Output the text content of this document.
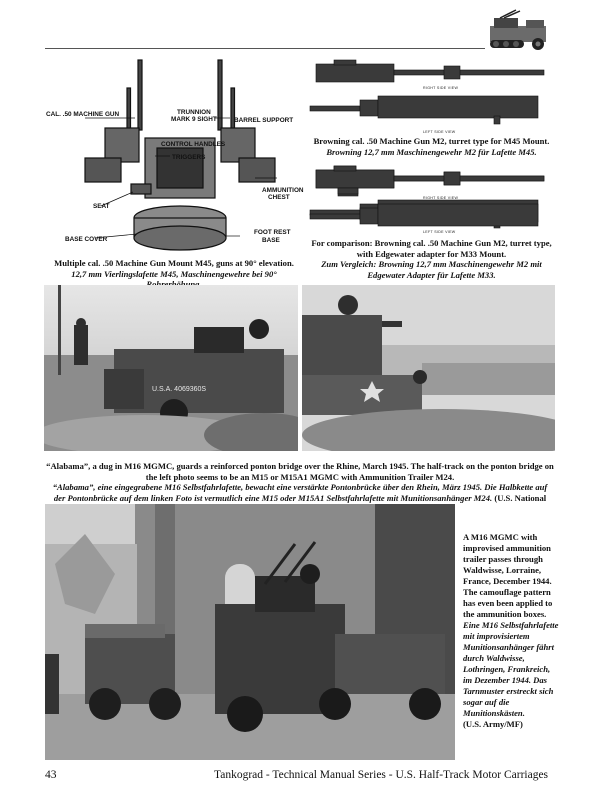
CAL. .50 MACHINE GUN	TRUNNION
MARK 9 SIGHT	BARREL SUPPORT
CONTROL HANDLES
TRIGGERS
AMMUNITION
CHEST
SEAT
FOOT REST
BASE COVER	BASE
Multiple cal. .50 Machine Gun Mount M45, guns at 90° elevation.
12,7 mm Vierlingslafette M45, Maschinengewehre bei 90°
RIGHT SIDE VIEW
LEFT SIDE VIEW
Browning cal. .50 Machine Gun M2, turret type for M45 Mount.
Browning 12,7 mm Maschinengewehr M2 für Lafette M45.
RIGHT SIDE VIEW
LEFT SIDE VIEW
For comparison: Browning cal. .50 Machine Gun M2, turret type, with Edgewater adapter for M33 Mount.
Zum Vergleich: Browning 12,7 mm Maschinengewehr M2 mit Edgewater Adapter für Lafette M33.
U.S.A. 4069360S
“Alabama”, a dug in M16 MGMC, guards a reinforced ponton bridge over the Rhine, March 1945. The half-track on the ponton bridge on the left photo seems to be an M15 or M15A1 MGMC with Ammunition Trailer M24.
“Alabama”, eine eingegrabene M16 Selbstfahrlafette, bewacht eine verstärkte Pontonbrücke über den Rhein, März 1945. Die Halbkette auf der Pontonbrücke auf dem linken Foto ist vermutlich eine M15 oder M15A1 Selbstfahrlafette mit Munitionsanhänger M24. (U.S. National
A M16 MGMC with improvised ammunition trailer passes through Waldwisse, Lorraine, France, December 1944. The camouflage pattern has even been applied to the ammunition boxes.
Eine M16 Selbstfahrlafette mit improvisiertem Munitionsanhänger fährt durch Waldwisse, Lothringen, Frankreich, im Dezember 1944. Das Tarnmuster erstreckt sich sogar auf die Munitionskästen.
(U.S. Army/MF)
43	Tankograd - Technical Manual Series - U.S. Half-Track Motor Carriages
